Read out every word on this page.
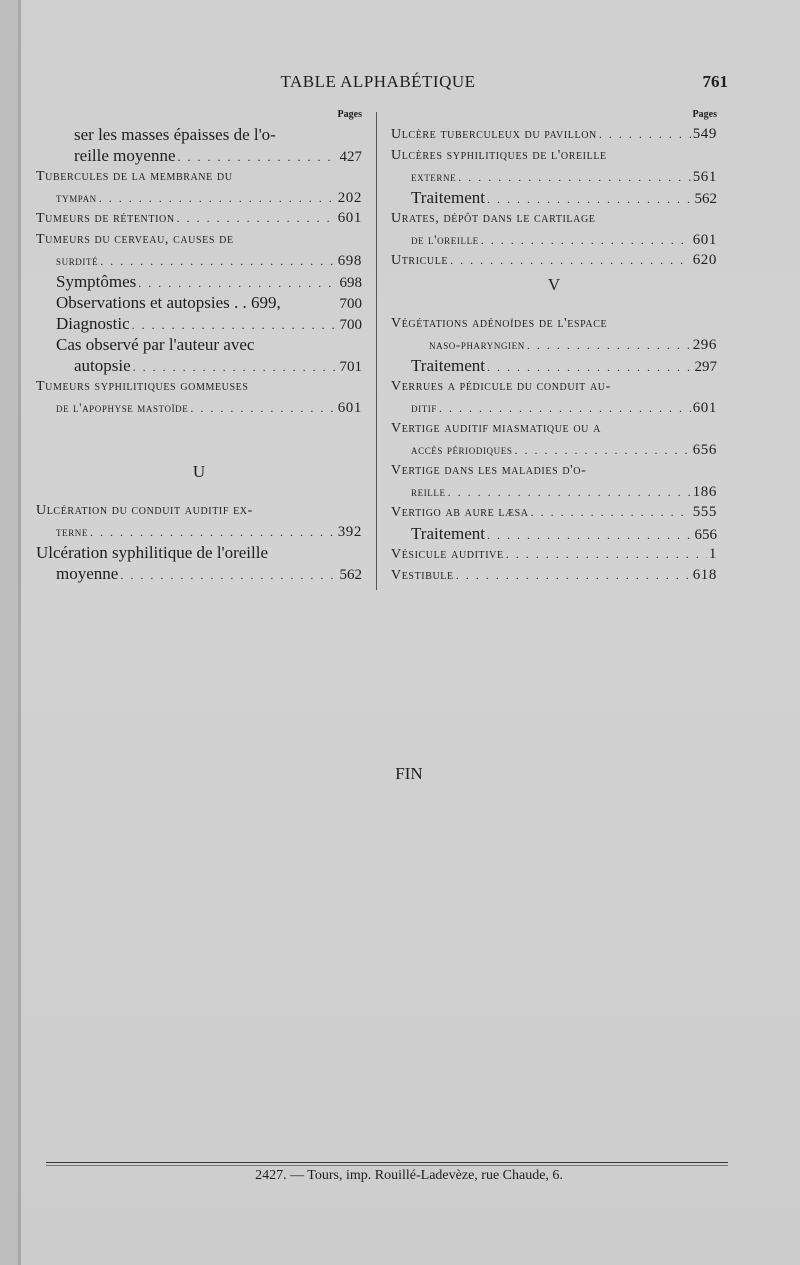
TABLE ALPHABÉTIQUE	761
Pages
ser les masses épaisses de l'o-
reille moyenne . . .	427
Tubercules de la membrane du
tympan . . .	202
Tumeurs de rétention . . .	601
Tumeurs du cerveau, causes de
surdité . . .	698
Symptômes . . .	698
Observations et autopsies . . 699,	700
Diagnostic . . .	700
Cas observé par l'auteur avec
autopsie . . .	701
Tumeurs syphilitiques gommeuses
de l'apophyse mastoïde . . .	601
U
Ulcération du conduit auditif ex-
terne . . .	392
Ulcération syphilitique de l'oreille
moyenne . . .	562
Pages
Ulcère tuberculeux du pavillon . . .	549
Ulcères syphilitiques de l'oreille
externe . . .	561
Traitement . . .	562
Urates, dépôt dans le cartilage
de l'oreille . . .	601
Utricule . . .	620
V
Végétations adénoïdes de l'espace
naso-pharyngien . . .	296
Traitement . . .	297
Verrues a pédicule du conduit au-
ditif . . .	601
Vertige auditif miasmatique ou a
accès périodiques . . .	656
Vertige dans les maladies d'o-
reille . . .	186
Vertigo ab aure læsa . . .	555
Traitement . . .	656
Vésicule auditive . . .	1
Vestibule . . .	618
FIN
2427. — Tours, imp. Rouillé-Ladevèze, rue Chaude, 6.
